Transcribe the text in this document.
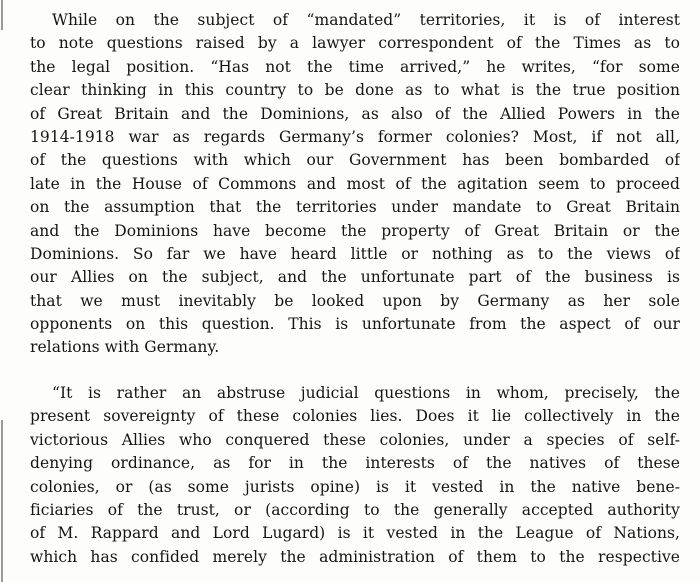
While on the subject of “mandated” territories, it is of interest
to note questions raised by a lawyer correspondent of the Times as to
the legal position. “Has not the time arrived,” he writes, “for some
clear thinking in this country to be done as to what is the true position
of Great Britain and the Dominions, as also of the Allied Powers in the
1914-1918 war as regards Germany’s former colonies? Most, if not all,
of the questions with which our Government has been bombarded of
late in the House of Commons and most of the agitation seem to proceed
on the assumption that the territories under mandate to Great Britain
and the Dominions have become the property of Great Britain or the
Dominions. So far we have heard little or nothing as to the views of
our Allies on the subject, and the unfortunate part of the business is
that we must inevitably be looked upon by Germany as her sole
opponents on this question. This is unfortunate from the aspect of our
relations with Germany.
“It is rather an abstruse judicial questions in whom, precisely, the
present sovereignty of these colonies lies. Does it lie collectively in the
victorious Allies who conquered these colonies, under a species of self-
denying ordinance, as for in the interests of the natives of these
colonies, or (as some jurists opine) is it vested in the native bene-
ficiaries of the trust, or (according to the generally accepted authority
of M. Rappard and Lord Lugard) is it vested in the League of Nations,
which has confided merely the administration of them to the respective
